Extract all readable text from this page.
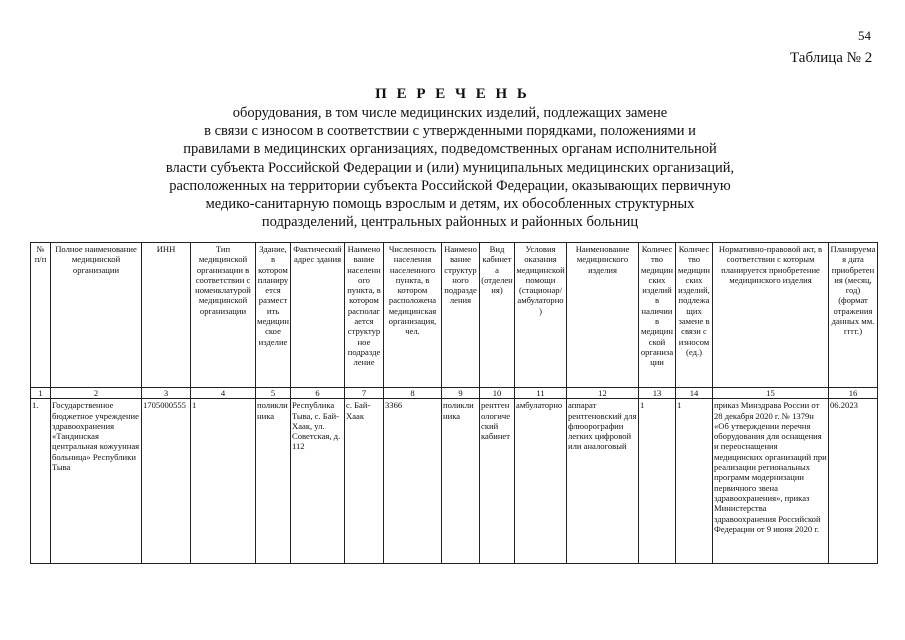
54
Таблица № 2
П Е Р Е Ч Е Н Ь
оборудования, в том числе медицинских изделий, подлежащих замене
в связи с износом в соответствии с утвержденными порядками, положениями и
правилами в медицинских организациях, подведомственных органам исполнительной
власти субъекта Российской Федерации и (или) муниципальных медицинских организаций,
расположенных на территории субъекта Российской Федерации, оказывающих первичную
медико-санитарную помощь взрослым и детям, их обособленных структурных
подразделений, центральных районных и районных больниц
№ п/п	Полное наименование медицинской организации	ИНН	Тип медицинской организации в соответствии с номенклатурой медицинской организации	Здание, в котором планируется разместить медицинское изделие	Фактический адрес здания	Наименование населенного пункта, в котором располагается структурное подразделение	Численность населения населенного пункта, в котором расположена медицинская организация, чел.	Наименование структурного подразделения	Вид кабинета (отделения)	Условия оказания медицинской помощи (стационар/амбулаторно)	Наименование медицинского изделия	Количество медицинских изделий в наличии в медицинской организации	Количество медицинских изделий, подлежащих замене в связи с износом (ед.)	Нормативно-правовой акт, в соответствии с которым планируется приобретение медицинского изделия	Планируемая дата приобретения (месяц, год) (формат отражения данных мм. гггг.)
1	2	3	4	5	6	7	8	9	10	11	12	13	14	15	16
1.	Государственное бюджетное учреждение здравоохранения «Тандинская центральная кожуунная больница» Республики Тыва	1705000555	1	поликлиника	Республика Тыва, с. Бай-Хаак, ул. Советская, д. 112	с. Бай-Хаак	3366	поликлиника	рентгенологический кабинет	амбулаторно	аппарат рентгеновский для флюорографии легких цифровой или аналоговый	1	1	приказ Минздрава России от 28 декабря 2020 г. № 1379н «Об утверждении перечня оборудования для оснащения и переоснащения медицинских организаций при реализации региональных программ модернизации первичного звена здравоохранения», приказ Министерства здравоохранения Российской Федерации от 9 июня 2020 г.	06.2023
